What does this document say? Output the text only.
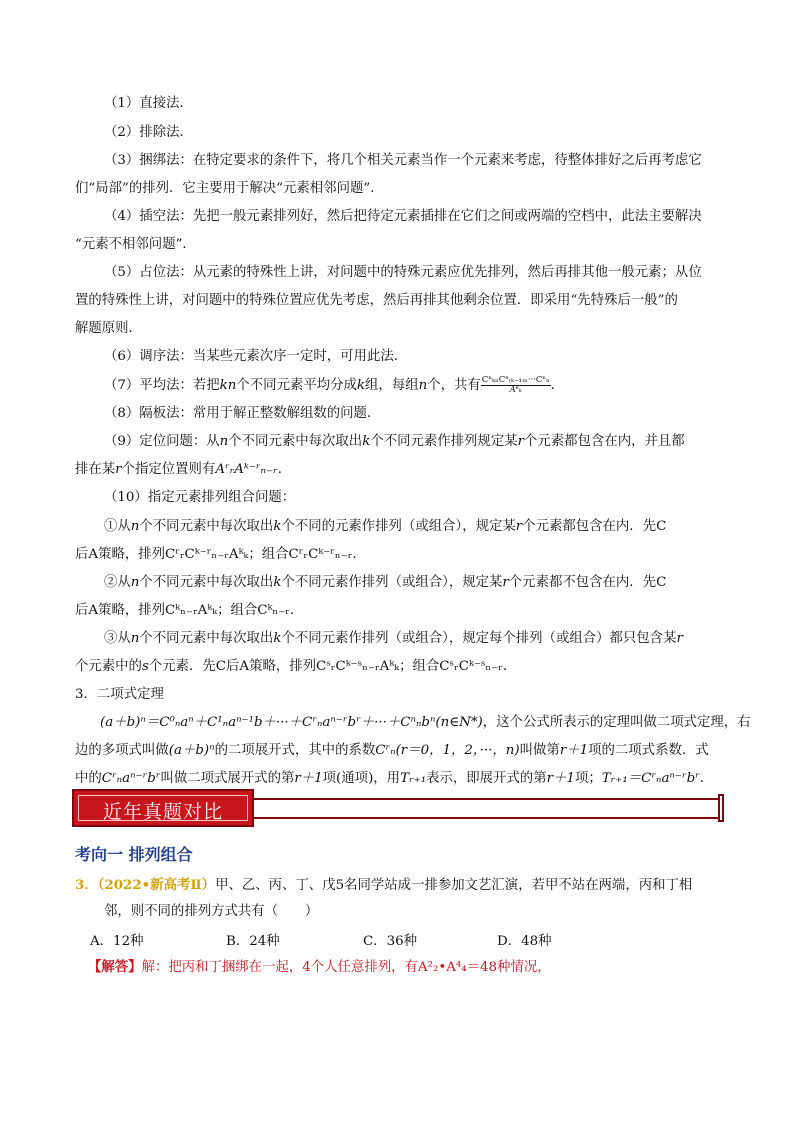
（1）直接法．
（2）排除法．
（3）捆绑法：在特定要求的条件下，将几个相关元素当作一个元素来考虑，待整体排好之后再考虑它
们“局部”的排列．它主要用于解决“元素相邻问题”．
（4）插空法：先把一般元素排列好，然后把待定元素插排在它们之间或两端的空档中，此法主要解决
“元素不相邻问题”．
（5）占位法：从元素的特殊性上讲，对问题中的特殊元素应优先排列，然后再排其他一般元素；从位
置的特殊性上讲，对问题中的特殊位置应优先考虑，然后再排其他剩余位置．即采用“先特殊后一般”的
解题原则．
（6）调序法：当某些元素次序一定时，可用此法．
（7）平均法：若把kn个不同元素平均分成k组，每组n个，共有 $\frac{\text{CⁿₖₙCⁿ₍ₖ₋₁₎ₙ···Cⁿₙ}}{\text{Aᵏₖ}}$ ．
（8）隔板法：常用于解正整数解组数的问题．
（9）定位问题：从n个不同元素中每次取出k个不同元素作排列规定某r个元素都包含在内，并且都
排在某r个指定位置则有AʳᵣAᵏ⁻ʳₙ₋ᵣ．
（10）指定元素排列组合问题：
①从n个不同元素中每次取出k个不同的元素作排列（或组合），规定某r个元素都包含在内．先C
后A策略，排列CʳᵣCᵏ⁻ʳₙ₋ᵣAᵏₖ；组合CʳᵣCᵏ⁻ʳₙ₋ᵣ．
②从n个不同元素中每次取出k个不同元素作排列（或组合），规定某r个元素都不包含在内．先C
后A策略，排列Cᵏₙ₋ᵣAᵏₖ；组合Cᵏₙ₋ᵣ．
③从n个不同元素中每次取出k个不同元素作排列（或组合），规定每个排列（或组合）都只包含某r
个元素中的s个元素．先C后A策略，排列CˢᵣCᵏ⁻ˢₙ₋ᵣAᵏₖ；组合CˢᵣCᵏ⁻ˢₙ₋ᵣ．
3．二项式定理
(a＋b)ⁿ＝C⁰ₙaⁿ＋C¹ₙaⁿ⁻¹b＋···＋Cʳₙaⁿ⁻ʳbʳ＋···＋Cⁿₙbⁿ(n∈N*)，这个公式所表示的定理叫做二项式定理，右
边的多项式叫做(a＋b)ⁿ的二项展开式，其中的系数Cʳₙ(r＝0，1，2，···，n)叫做第r＋1项的二项式系数．式
中的Cʳₙaⁿ⁻ʳbʳ叫做二项式展开式的第r＋1项(通项)，用Tᵣ₊₁表示，即展开式的第r＋1项；Tᵣ₊₁＝Cʳₙaⁿ⁻ʳbʳ．
近年真题对比
考向一 排列组合
3．（2022•新高考Ⅱ）甲、乙、丙、丁、戊5名同学站成一排参加文艺汇演，若甲不站在两端，丙和丁相
邻，则不同的排列方式共有（　　）
A．12种	B．24种	C．36种	D．48种
【解答】解：把丙和丁捆绑在一起，4个人任意排列，有A²₂•A⁴₄＝48种情况，
